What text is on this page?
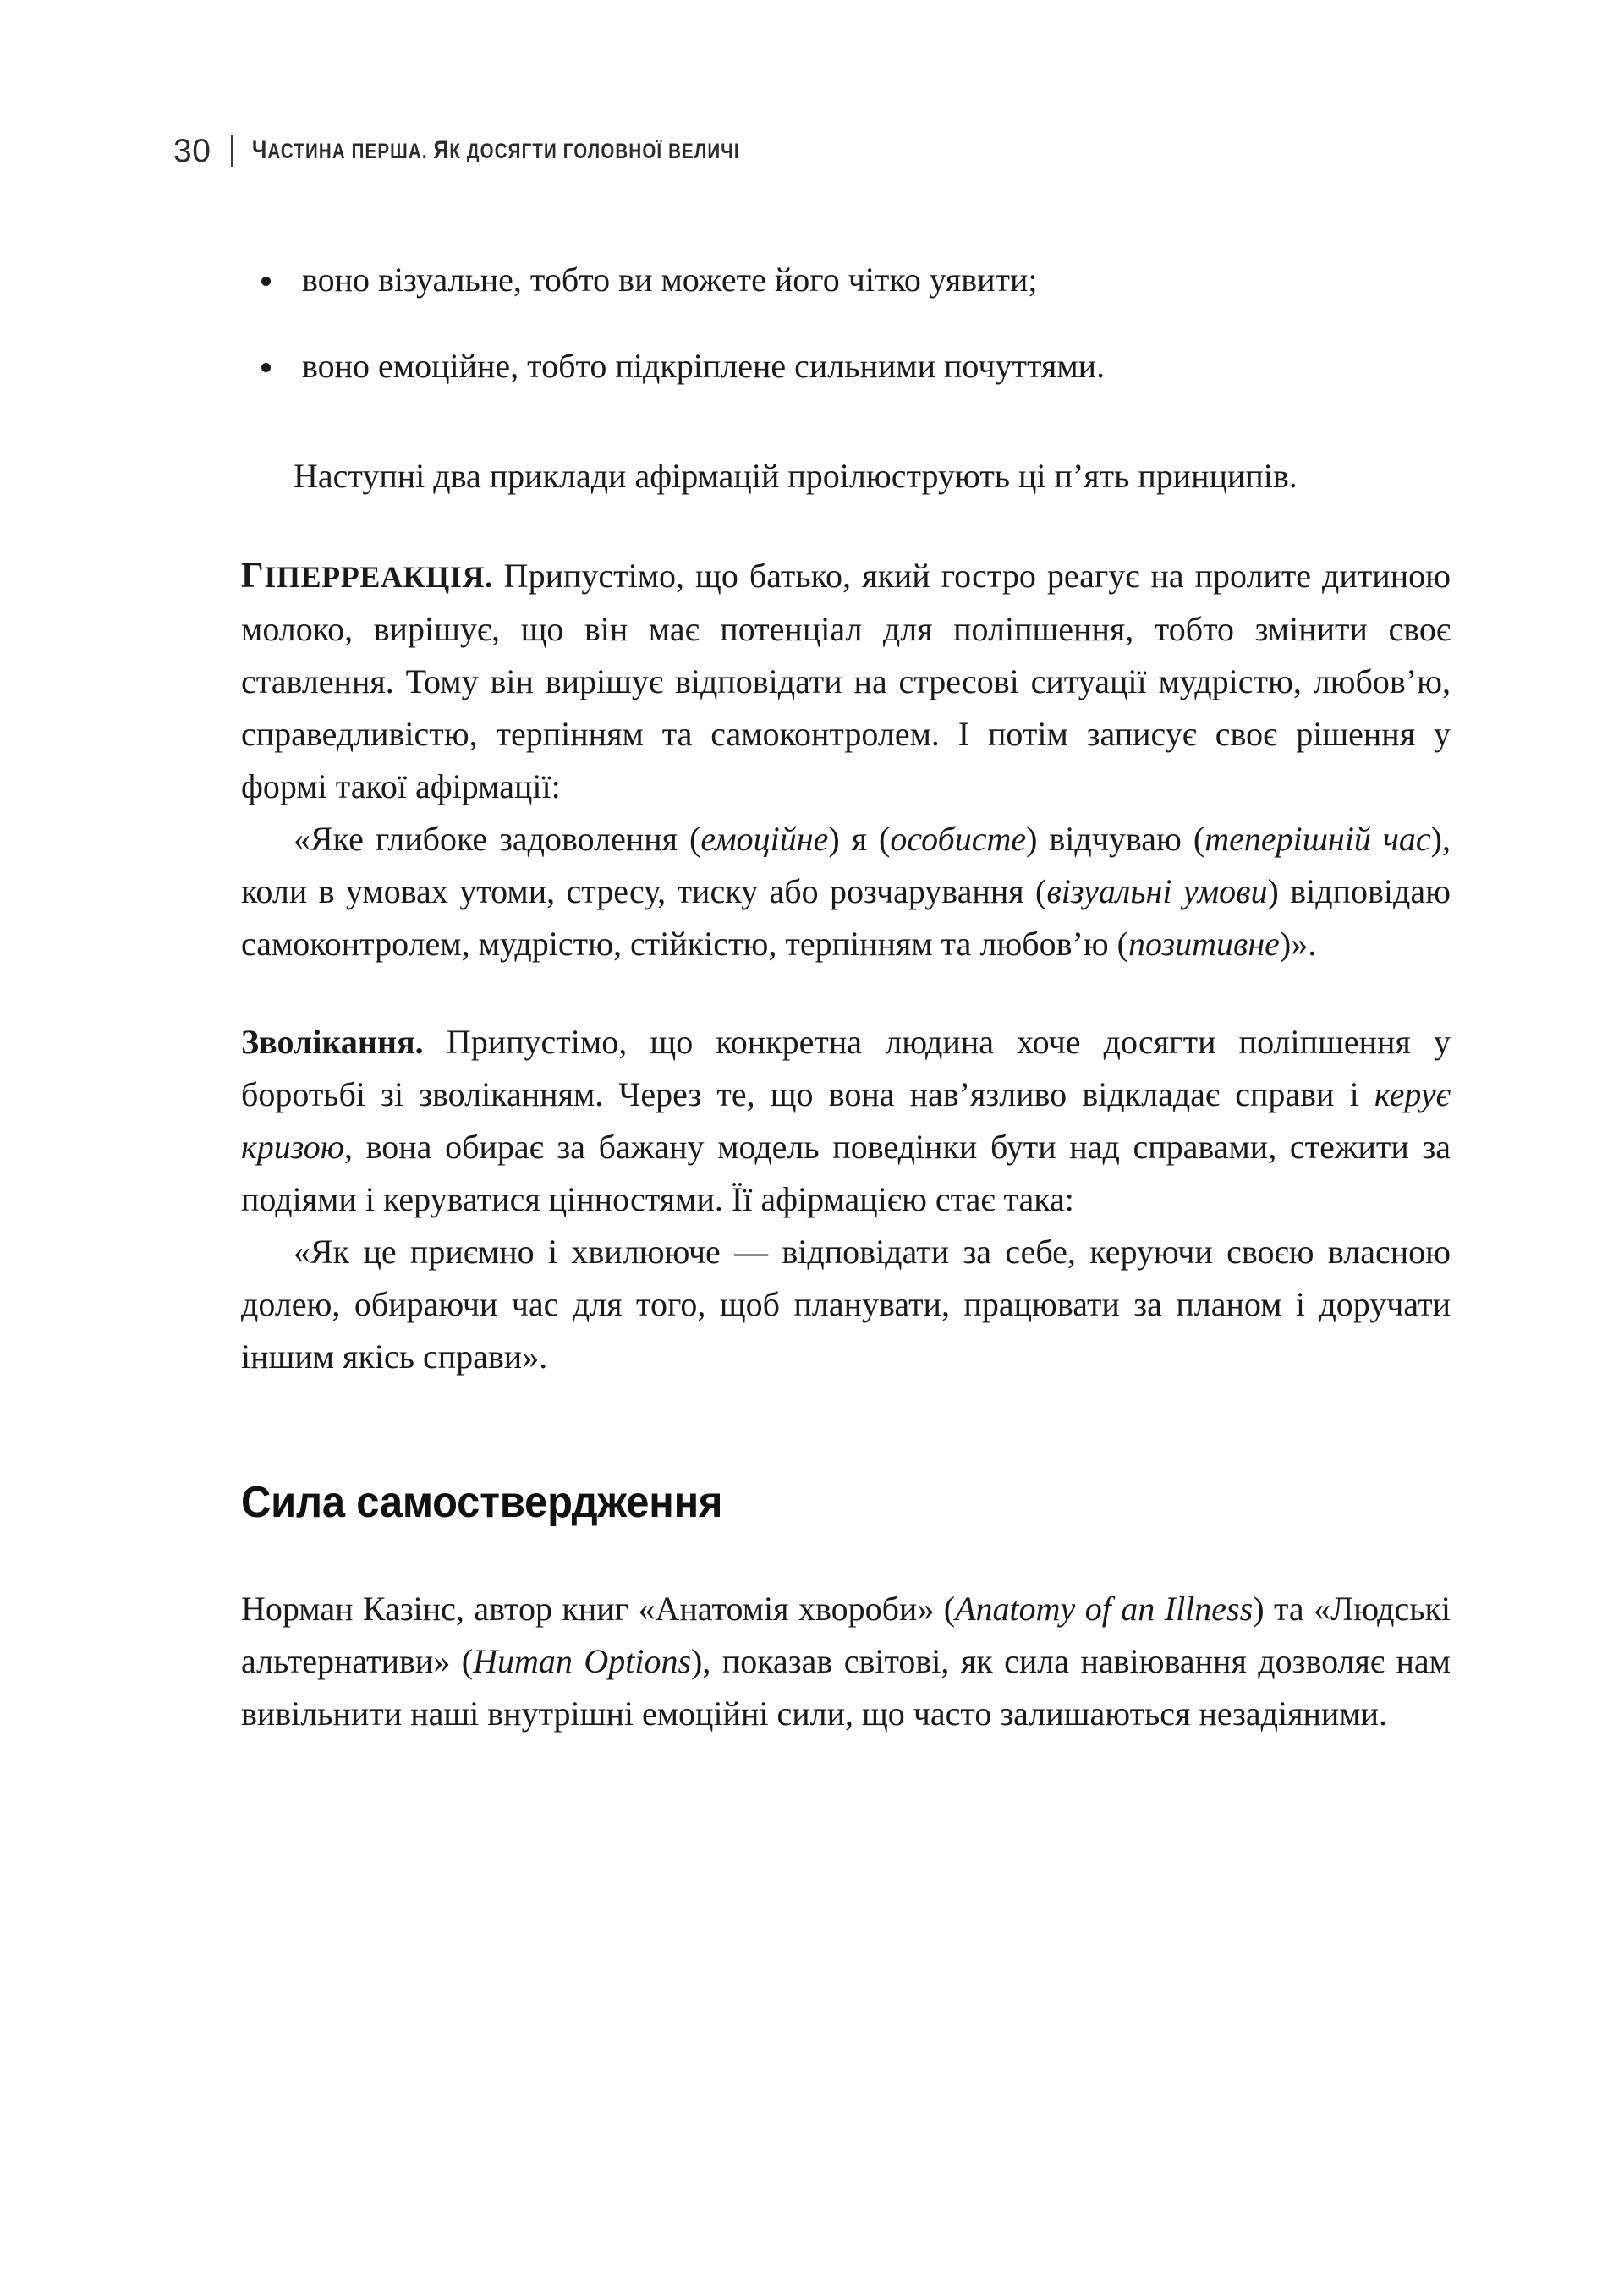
30 ЧАСТИНА ПЕРША. ЯК ДОСЯГТИ ГОЛОВНОЇ ВЕЛИЧІ
воно візуальне, тобто ви можете його чітко уявити;
воно емоційне, тобто підкріплене сильними почуттями.

Наступні два приклади афірмацій проілюструють ці п’ять принципів.

ГІПЕРРЕАКЦІЯ. Припустімо, що батько, який гостро реагує на пролите дитиною молоко, вирішує, що він має потенціал для поліпшення, тобто змінити своє ставлення. Тому він вирішує відповідати на стресові ситуації мудрістю, любов’ю, справедливістю, терпінням та самоконтролем. І потім записує своє рішення у формі такої афірмації:

«Яке глибоке задоволення (емоційне) я (особисте) відчуваю (теперішній час), коли в умовах утоми, стресу, тиску або розчарування (візуальні умови) відповідаю самоконтролем, мудрістю, стійкістю, терпінням та любов’ю (позитивне)».

Зволікання. Припустімо, що конкретна людина хоче досягти поліпшення у боротьбі зі зволіканням. Через те, що вона нав’язливо відкладає справи і керує кризою, вона обирає за бажану модель поведінки бути над справами, стежити за подіями і керуватися цінностями. Її афірмацією стає така:

«Як це приємно і хвилююче — відповідати за себе, керуючи своєю власною долею, обираючи час для того, щоб планувати, працювати за планом і доручати іншим якісь справи».

Сила самоствердження

Норман Казінс, автор книг «Анатомія хвороби» (Anatomy of an Illness) та «Людські альтернативи» (Human Options), показав світові, як сила навіювання дозволяє нам вивільнити наші внутрішні емоційні сили, що часто залишаються незадіяними.
